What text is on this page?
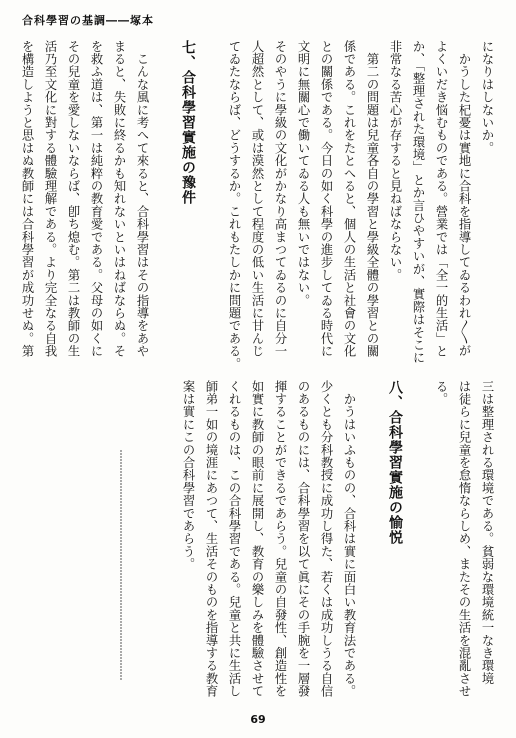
合科學習の基調――塚本
になりはしないか。
　かうした杞憂は實地に合科を指導してゐるわれ〳〵が
よくいだき悩むものである。營業では「全一的生活」と
か、「整理された環境」とか言ひやすいが、實際はそこに
非常なる苦心が存すると見ねばならない。
　第二の問題は兒童各自の學習と學級全體の學習との關
係である。これをたとへると、個人の生活と社會の文化
との關係である。今日の如く科學の進步してゐる時代に
文明に無關心で働いてゐる人も無いではない。
そのやうに學級の文化がかなり高まつてゐるのに自分一
人超然として、或は漠然として程度の低い生活に甘んじ
てゐたならば、どうするか。これもたしかに問題である。

七、合科學習實施の豫件

　こんな風に考へて來ると、合科學習はその指導をあや
まると、失敗に終るかも知れないといはねばならぬ。そ
を救ふ道は、第一は純粹の教育愛である。父母の如くに
その兒童を愛しないならば、卽ち熄む。第二は教師の生
活乃至文化に對する體驗理解である。より完全なる自我
を構造しようと思はぬ教師には合科學習が成功せぬ。第
三は整理される環境である。貧弱な環境統一なき環境
は徒らに兒童を怠惰ならしめ、またその生活を混亂させ
る。

八、合科學習實施の愉悦

　かうはいふものの、合科は實に面白い教育法である。
少くとも分科教授に成功し得た、若くは成功しうる自信
のあるものには、合科學習を以て眞にその手腕を一層發
揮することができるであらう。兒童の自發性、創造性を
如實に教師の眼前に展開し、教育の樂しみを體驗させて
くれるものは、この合科學習である。兒童と共に生活し
師弟一如の境涯にあつて、生活そのものを指導する教育
案は實にこの合科學習であらう。
69
